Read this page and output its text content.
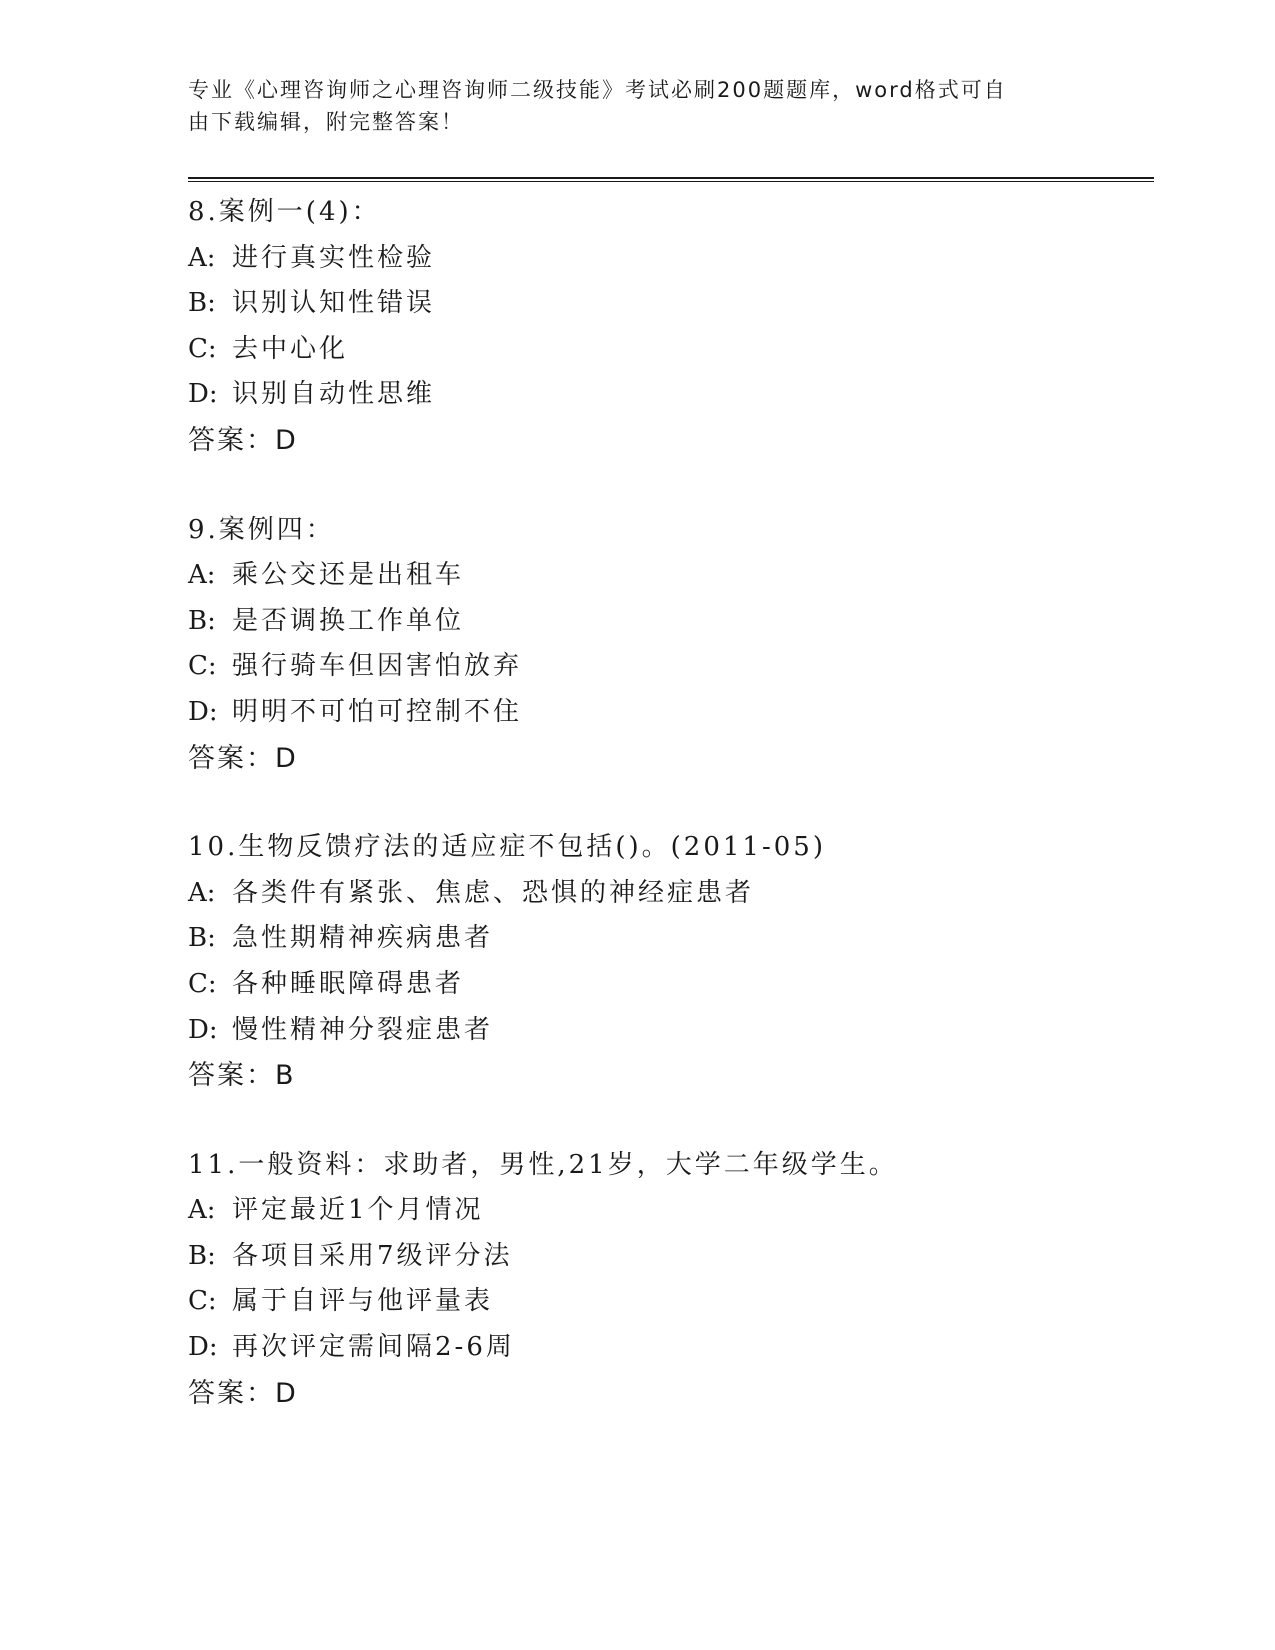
专业《心理咨询师之心理咨询师二级技能》考试必刷200题题库，word格式可自
由下载编辑，附完整答案！
8.案例一(4)：
A: 进行真实性检验
B: 识别认知性错误
C: 去中心化
D: 识别自动性思维
答案：D
9.案例四：
A: 乘公交还是出租车
B: 是否调换工作单位
C: 强行骑车但因害怕放弃
D: 明明不可怕可控制不住
答案：D
10.生物反馈疗法的适应症不包括()。(2011-05)
A: 各类件有紧张、焦虑、恐惧的神经症患者
B: 急性期精神疾病患者
C: 各种睡眠障碍患者
D: 慢性精神分裂症患者
答案：B
11.一般资料：求助者，男性,21岁，大学二年级学生。
A: 评定最近1个月情况
B: 各项目采用7级评分法
C: 属于自评与他评量表
D: 再次评定需间隔2-6周
答案：D
